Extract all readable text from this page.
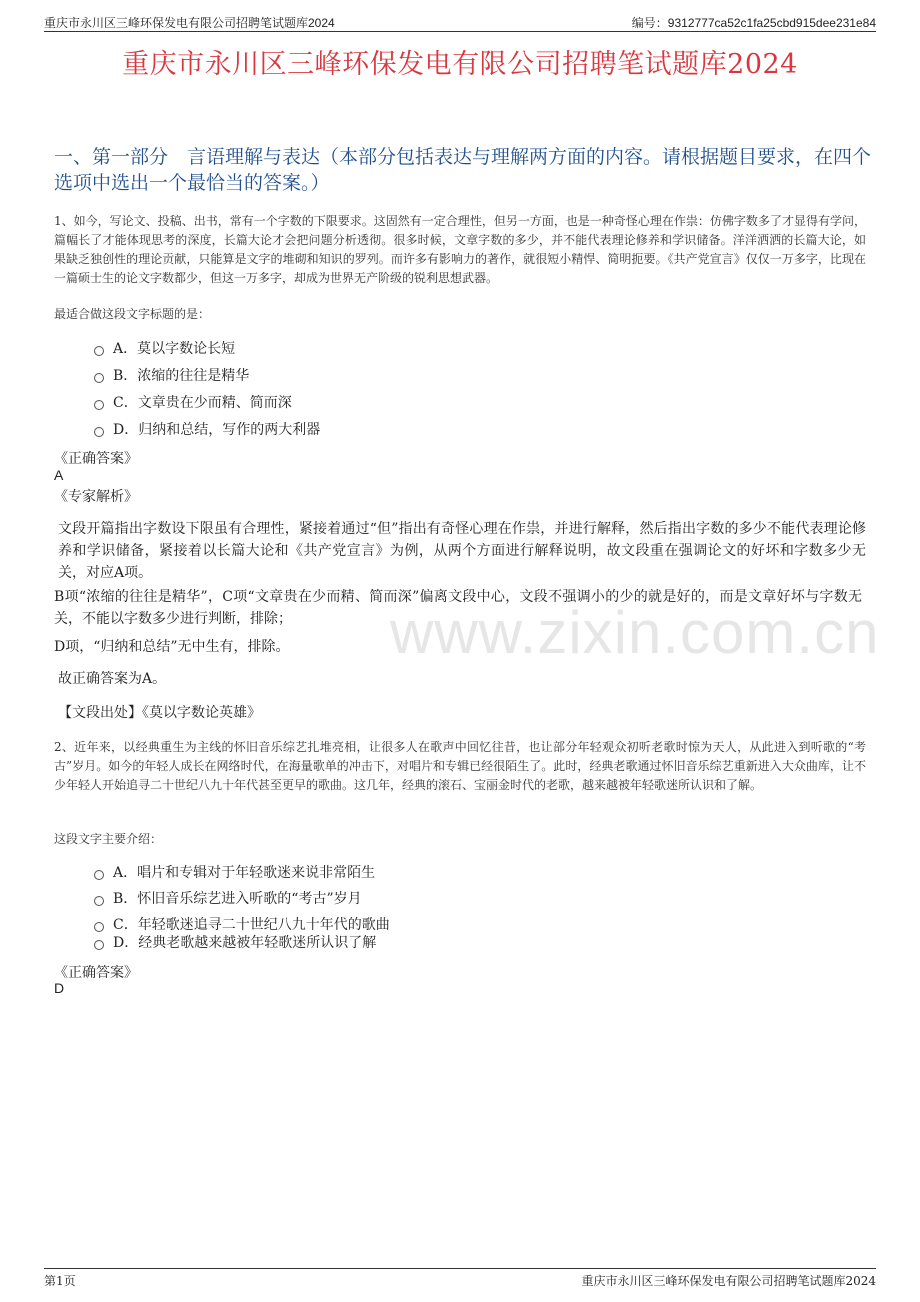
重庆市永川区三峰环保发电有限公司招聘笔试题库2024	编号：9312777ca52c1fa25cbd915dee231e84
www.zixin.com.cn
重庆市永川区三峰环保发电有限公司招聘笔试题库2024
一、第一部分　言语理解与表达（本部分包括表达与理解两方面的内容。请根据题目要求，在四个选项中选出一个最恰当的答案。）
1、如今，写论文、投稿、出书，常有一个字数的下限要求。这固然有一定合理性，但另一方面，也是一种奇怪心理在作祟：仿佛字数多了才显得有学问，篇幅长了才能体现思考的深度，长篇大论才会把问题分析透彻。很多时候，文章字数的多少，并不能代表理论修养和学识储备。洋洋洒洒的长篇大论，如果缺乏独创性的理论贡献，只能算是文字的堆砌和知识的罗列。而许多有影响力的著作，就很短小精悍、简明扼要。《共产党宣言》仅仅一万多字，比现在一篇硕士生的论文字数都少，但这一万多字，却成为世界无产阶级的锐利思想武器。
最适合做这段文字标题的是：
A．莫以字数论长短
B．浓缩的往往是精华
C．文章贵在少而精、简而深
D．归纳和总结，写作的两大利器
《正确答案》
A
《专家解析》
文段开篇指出字数设下限虽有合理性，紧接着通过“但”指出有奇怪心理在作祟，并进行解释，然后指出字数的多少不能代表理论修养和学识储备，紧接着以长篇大论和《共产党宣言》为例，从两个方面进行解释说明，故文段重在强调论文的好坏和字数多少无关，对应A项。
B项“浓缩的往往是精华”，C项“文章贵在少而精、简而深”偏离文段中心，文段不强调小的少的就是好的，而是文章好坏与字数无关，不能以字数多少进行判断，排除；
D项，“归纳和总结”无中生有，排除。
故正确答案为A。
【文段出处】《莫以字数论英雄》
2、近年来，以经典重生为主线的怀旧音乐综艺扎堆亮相，让很多人在歌声中回忆往昔，也让部分年轻观众初听老歌时惊为天人，从此进入到听歌的“考古”岁月。如今的年轻人成长在网络时代，在海量歌单的冲击下，对唱片和专辑已经很陌生了。此时，经典老歌通过怀旧音乐综艺重新进入大众曲库，让不少年轻人开始追寻二十世纪八九十年代甚至更早的歌曲。这几年，经典的滚石、宝丽金时代的老歌，越来越被年轻歌迷所认识和了解。
这段文字主要介绍：
A．唱片和专辑对于年轻歌迷来说非常陌生
B．怀旧音乐综艺进入听歌的“考古”岁月
C．年轻歌迷追寻二十世纪八九十年代的歌曲
D．经典老歌越来越被年轻歌迷所认识了解
《正确答案》
D
第1页	重庆市永川区三峰环保发电有限公司招聘笔试题库2024
